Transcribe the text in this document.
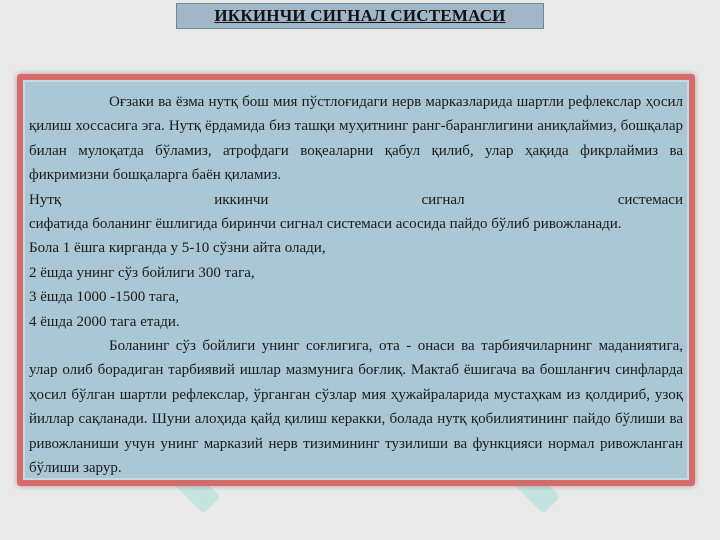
ИККИНЧИ СИГНАЛ СИСТЕМАСИ

Оғзаки ва ёзма нутқ бош мия пўстлоғидаги нерв марказларида шартли рефлекслар ҳосил қилиш хоссасига эга. Нутқ ёрдамида биз ташқи муҳитнинг ранг-баранглигини аниқлаймиз, бошқалар билан мулоқатда бўламиз, атрофдаги воқеаларни қабул қилиб, улар ҳақида фикрлаймиз ва фикримизни бошқаларга баён қиламиз.

Нутқ иккинчи сигнал системаси

сифатида боланинг ёшлигида биринчи сигнал системаси асосида пайдо бўлиб ривожланади.

Бола 1 ёшга кирганда у 5-10 сўзни айта олади,

2 ёшда унинг сўз бойлиги 300 тага,

3 ёшда 1000 -1500 тага,

4 ёшда 2000 тага етади.

Боланинг сўз бойлиги унинг соғлигига, ота - онаси ва тарбиячиларнинг маданиятига, улар олиб борадиган тарбиявий ишлар мазмунига боғлиқ. Мактаб ёшигача ва бошланғич синфларда ҳосил бўлган шартли рефлекслар, ўрганган сўзлар мия ҳужайраларида мустаҳкам из қолдириб, узоқ йиллар сақланади. Шуни алоҳида қайд қилиш керакки, болада нутқ қобилиятининг пайдо бўлиши ва ривожланиши учун унинг марказий нерв тизимининг тузилиши ва функцияси нормал ривожланган бўлиши зарур.
